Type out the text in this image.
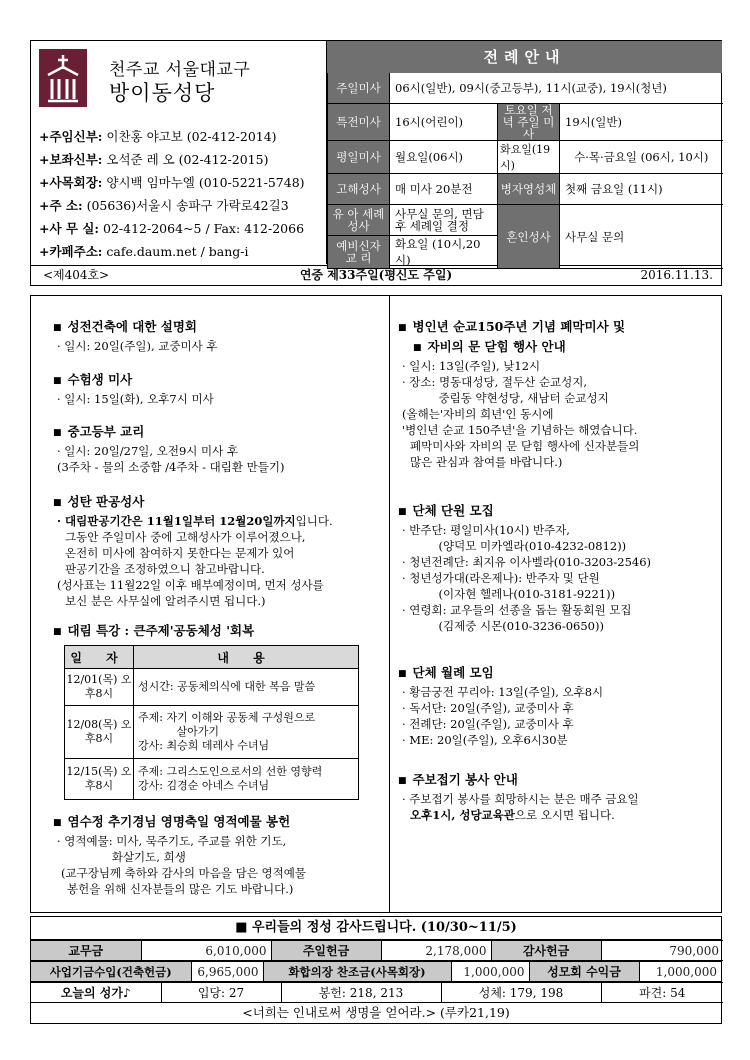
천주교 서울대교구
방이동성당
+주임신부: 이찬홍 야고보 (02-412-2014)
+보좌신부: 오석준 레 오 (02-412-2015)
+사목회장: 양시백 임마누엘 (010-5221-5748)
+주 소: (05636)서울시 송파구 가락로42길3
+사 무 실: 02-412-2064~5 / Fax: 412-2066
+카페주소: cafe.daum.net / bang-i
전례안내
주일미사	06시(일반), 09시(중고등부), 11시(교중), 19시(청년)		
특전미사	16시(어린이)	토요일 저녁 주일 미사	19시(일반)
평일미사	월요일(06시)	화요일(19시)	수·목·금요일 (06시, 10시)
고해성사	매 미사 20분전	병자영성체	첫째 금요일 (11시)
유 아 세례성사	사무실 문의, 면담후 세례일 결정	혼인성사	사무실 문의
예비신자 교 리	화요일 (10시,20시)		
연중 제33주일(평신도 주일)
<제404호>	2016.11.13.
■ 성전건축에 대한 설명회
· 일시: 20일(주일), 교중미사 후
■ 수험생 미사
· 일시: 15일(화), 오후7시 미사
■ 중고등부 교리
· 일시: 20일/27일, 오전9시 미사 후
(3주차 - 물의 소중함 /4주차 - 대림환 만들기)
■ 성탄 판공성사
· 대림판공기간은 11월1일부터 12월20일까지입니다.
그동안 주일미사 중에 고해성사가 이루어졌으나,
온전히 미사에 참여하지 못한다는 문제가 있어
판공기간을 조정하였으니 참고바랍니다.
(성사표는 11월22일 이후 배부예정이며, 먼저 성사를
보신 분은 사무실에 알려주시면 됩니다.)
■ 대림 특강 : 큰주제'공동체성 '회복
일 자	내 용
12/01(목) 오후8시	성시간: 공동체의식에 대한 복음 말씀

12/08(목) 오후8시	주제: 자기 이해와 공동체 구성원으로
살아가기
강사: 최승희 데레사 수녀님

12/15(목) 오후8시	주제: 그리스도인으로서의 선한 영향력
강사: 김경순 아네스 수녀님
■ 염수정 추기경님 영명축일 영적예물 봉헌
· 영적예물: 미사, 묵주기도, 주교를 위한 기도,
화살기도, 희생
(교구장님께 축하와 감사의 마음을 담은 영적예물
봉헌을 위해 신자분들의 많은 기도 바랍니다.)
■ 병인년 순교150주년 기념 폐막미사 및
■ 자비의 문 닫힘 행사 안내
· 일시: 13일(주일), 낮12시
· 장소: 명동대성당, 절두산 순교성지,
중림동 약현성당, 새남터 순교성지
(올해는'자비의 희년'인 동시에
'병인년 순교 150주년'을 기념하는 해였습니다.
폐막미사와 자비의 문 닫힘 행사에 신자분들의
많은 관심과 참여를 바랍니다.)
■ 단체 단원 모집
· 반주단: 평일미사(10시) 반주자,
(양덕모 미카엘라(010-4232-0812))
· 청년전례단: 최지유 이사벨라(010-3203-2546)
· 청년성가대(라온제나): 반주자 및 단원
(이자현 헬레나(010-3181-9221))
· 연령회: 교우들의 선종을 돕는 활동회원 모집
(김제중 시몬(010-3236-0650))
■ 단체 월례 모임
· 황금궁전 꾸리아: 13일(주일), 오후8시
· 독서단: 20일(주일), 교중미사 후
· 전례단: 20일(주일), 교중미사 후
· ME: 20일(주일), 오후6시30분
■ 주보접기 봉사 안내
· 주보접기 봉사를 희망하시는 분은 매주 금요일
오후1시, 성당교육관으로 오시면 됩니다.
■ 우리들의 정성 감사드립니다. (10/30~11/5)
교무금	6,010,000	주일헌금	2,178,000	감사헌금	790,000
사업기금수입(건축헌금)	6,965,000	화합의장 찬조금(사목회장)	1,000,000	성모회 수익금	1,000,000
오늘의 성가♪	입당: 27	봉헌: 218, 213	성체: 179, 198	파견: 54
<너희는 인내로써 생명을 얻어라.> (루카21,19)
